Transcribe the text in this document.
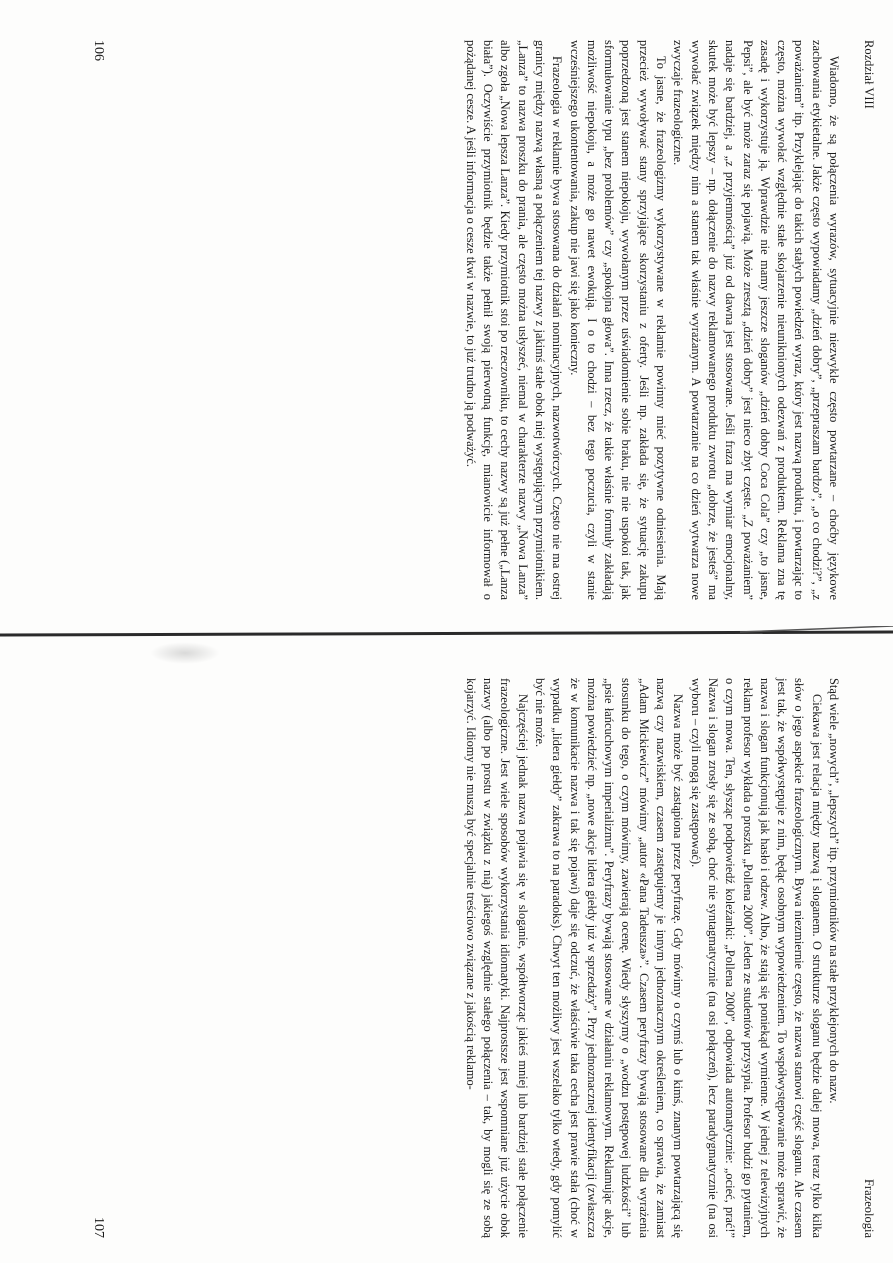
Rozdział VIII

Wiadomo, że są połączenia wyrazów, sytuacyjnie niezwykle często powtarzane – choćby językowe zachowania etykietalne. Jakże często wypowiadamy „dzień dobry”, „przepraszam bardzo”, „o co chodzi?”, „z poważaniem” itp. Przyklejając do takich stałych powiedzeń wyraz, który jest nazwą produktu, i powtarzając to często, można wywołać względnie stałe skojarzenie nieuniknionych odezwań z produktem. Reklama zna tę zasadę i wykorzystuje ją. Wprawdzie nie mamy jeszcze sloganów „dzień dobry Coca Cola” czy „to jasne, Pepsi”, ale być może zaraz się pojawią. Może zresztą „dzień dobry” jest nieco zbyt częste. „Z poważaniem” nadaje się bardziej, a „z przyjemnością” już od dawna jest stosowane. Jeśli fraza ma wymiar emocjonalny, skutek może być lepszy – np. dołączenie do nazwy reklamowanego produktu zwrotu „dobrze, że jesteś” ma wywołać związek między nim a stanem tak właśnie wyrażanym. A powtarzanie na co dzień wytwarza nowe zwyczaje frazeologiczne.

To jasne, że frazeologizmy wykorzystywane w reklamie powinny mieć pozytywne odniesienia. Mają przecież wywoływać stany sprzyjające skorzystaniu z oferty. Jeśli np. zakłada się, że sytuację zakupu poprzedzoną jest stanem niepokoju, wywołanym przez uświadomienie sobie braku, nie nie uspokoi tak, jak sformułowanie typu „bez problemów” czy „spokojna głowa”. Inna rzecz, że takie właśnie formuły zakładają możliwość niepokoju, a może go nawet ewokują. I o to chodzi – bez tego poczucia, czyli w stanie wcześniejszego ukontentowania, zakup nie jawi się jako konieczny.

Frazeologia w reklamie bywa stosowana do działań nominacyjnych, nazwotwórczych. Często nie ma ostrej granicy między nazwą własną a połączeniem tej nazwy z jakimś stałe obok niej występującym przymiotnikiem. „Lanza” to nazwa proszku do prania, ale często można usłyszeć, niemal w charakterze nazwy „Nowa Lanza” albo zgoła „Nowa lepsza Lanza”. Kiedy przymiotnik stoi po rzeczowniku, to cechy nazwy są już pełne („Lanza biała”). Oczywiście przymiotnik będzie także pełnił swoją pierwotną funkcję, mianowicie informował o pożądanej cesze. A jeśli informacja o cesze tkwi w nazwie, to już trudno ją podważyć.

106
Frazeologia

Stąd wiele „nowych”, „lepszych” itp. przymiotników na stałe przyklejonych do nazw.

Ciekawa jest relacja między nazwą i sloganem. O strukturze sloganu będzie dalej mowa, teraz tylko kilka słów o jego aspekcie frazeologicznym. Bywa niezmiernie często, że nazwa stanowi część sloganu. Ale czasem jest tak, że współwystępuje z nim, będąc osobnym wypowiedzeniem. To współwystępowanie może sprawić, że nazwa i slogan funkcjonują jak hasło i odzew. Albo, że stają się poniekąd wymienne. W jednej z telewizyjnych reklam profesor wykłada o proszku „Pollena 2000”. Jeden ze studentów przysypia. Profesor budzi go pytaniem, o czym mowa. Ten, słysząc podpowiedź koleżanki: „Pollena 2000”, odpowiada automatycznie: „ocieć, prać!” Nazwa i slogan zrosły się ze sobą, choć nie syntagmatycznie (na osi połączeń), lecz paradygmatycznie (na osi wyboru – czyli mogą się zastępować).

Nazwa może być zastąpiona przez peryfrazę. Gdy mówimy o czymś lub o kimś, znanym powtarzającą się nazwą czy nazwiskiem, czasem zastępujemy je innym jednoznacznym określeniem, co sprawia, że zamiast „Adam Mickiewicz” mówimy „autor «Pana Tadeusza»”. Czasem peryfrazy bywają stosowane dla wyrażenia stosunku do tego, o czym mówimy, zawierają ocenę. Wiedy słyszymy o „wodzu postępowej ludzkości” lub „psie łańcuchowym imperializmu”. Peryfrazy bywają stosowane w działaniu reklamowym. Reklamując akcje, można powiedzieć np. „nowe akcje lidera giełdy już w sprzedaży”. Przy jednoznacznej identyfikacji (zwłaszcza że w komunikacie nazwa i tak się pojawi) daje się odczuć, że właściwie taka cecha jest prawie stała (choć w wypadku „lidera giełdy” zakrawa to na paradoks). Chwyt ten możliwy jest wszelako tylko wtedy, gdy pomylić być nie może.

Najczęściej jednak nazwa pojawia się w sloganie, współtworząc jakieś mniej lub bardziej stałe połączenie frazeologiczne. Jest wiele sposobów wykorzystania idiomatyki. Najprostsze jest wspomniane już użycie obok nazwy (albo po prostu w związku z nią) jakiegoś względnie stałego połączenia – tak, by mogli się ze sobą kojarzyć. Idiomy nie muszą być specjalnie treściowo związane z jakością reklamo-

107
